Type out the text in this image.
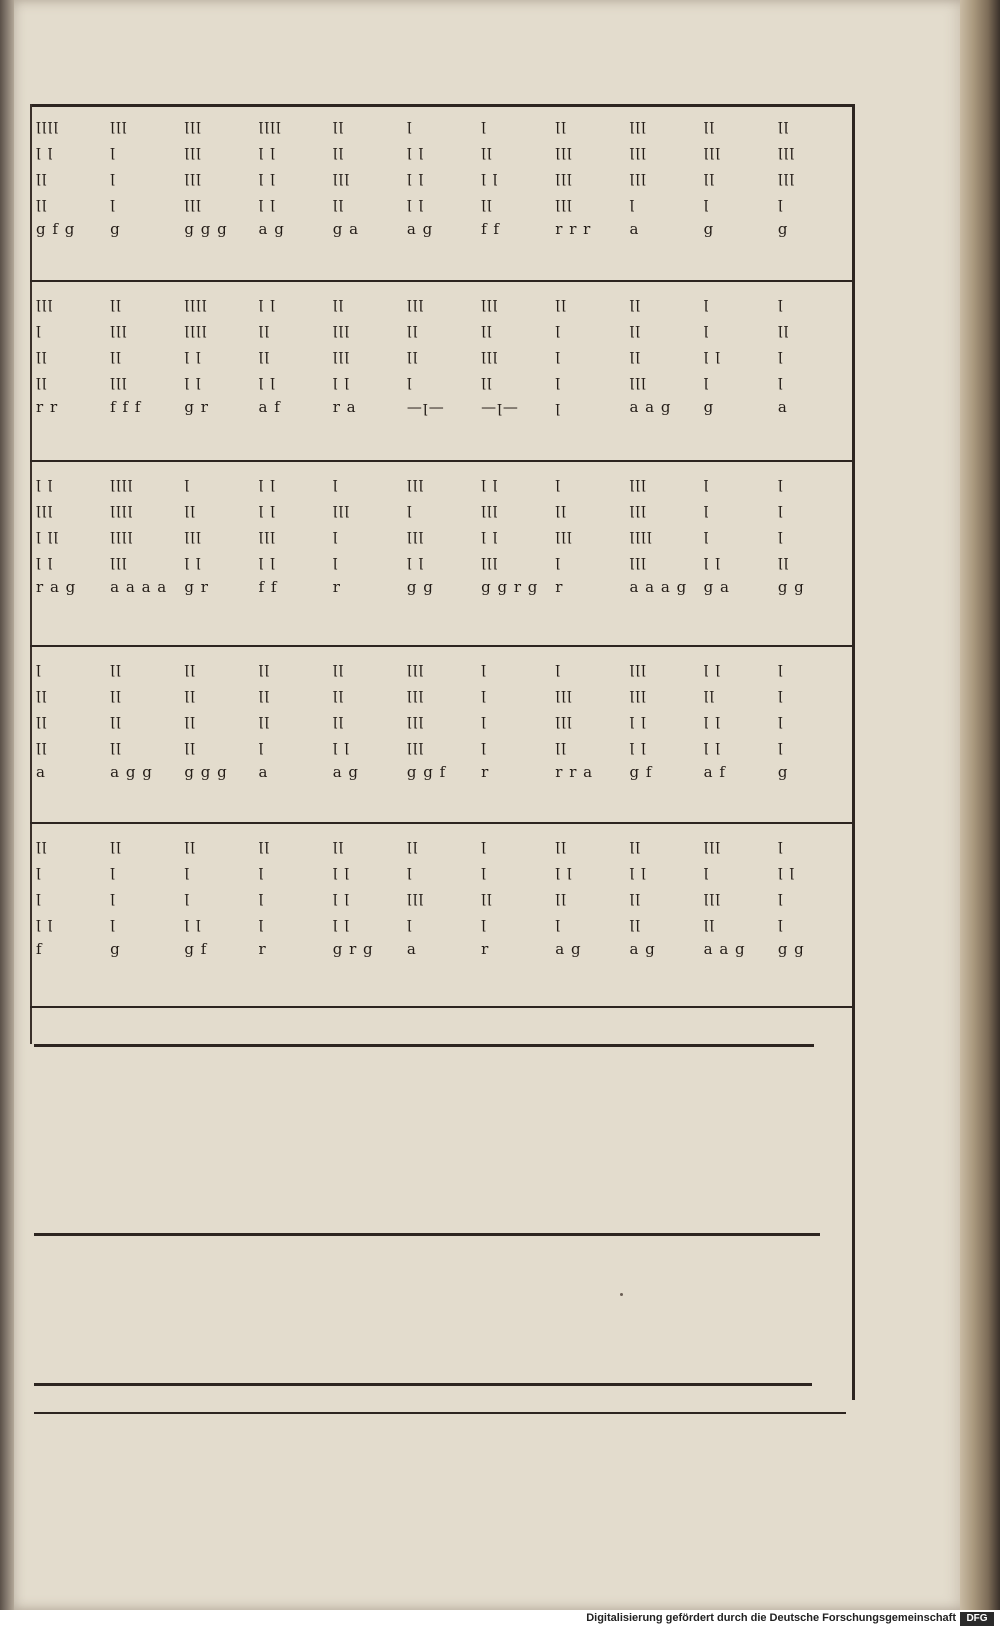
ꞁꞁꞁꞁ
ꞁ ꞁ
ꞁꞁ
ꞁꞁ
g f g
ꞁꞁꞁ
ꞁ
ꞁ
ꞁ
g
ꞁꞁꞁ
ꞁꞁꞁ
ꞁꞁꞁ
ꞁꞁꞁ
g g g
ꞁꞁꞁꞁ
ꞁ ꞁ
ꞁ ꞁ
ꞁ ꞁ
a g
ꞁꞁ
ꞁꞁ
ꞁꞁꞁ
ꞁꞁ
g a
ꞁ
ꞁ ꞁ
ꞁ ꞁ
ꞁ ꞁ
a g
ꞁ
ꞁꞁ
ꞁ ꞁ
ꞁꞁ
f f
ꞁꞁ
ꞁꞁꞁ
ꞁꞁꞁ
ꞁꞁꞁ
r r r
ꞁꞁꞁ
ꞁꞁꞁ
ꞁꞁꞁ
ꞁ
a
ꞁꞁ
ꞁꞁꞁ
ꞁꞁ
ꞁ
g
ꞁꞁ
ꞁꞁꞁ
ꞁꞁꞁ
ꞁ
g
ꞁꞁꞁ
ꞁ
ꞁꞁ
ꞁꞁ
r r
ꞁꞁ
ꞁꞁꞁ
ꞁꞁ
ꞁꞁꞁ
f f f
ꞁꞁꞁꞁ
ꞁꞁꞁꞁ
ꞁ ꞁ
ꞁ ꞁ
g r
ꞁ ꞁ
ꞁꞁ
ꞁꞁ
ꞁ ꞁ
a f
ꞁꞁ
ꞁꞁꞁ
ꞁꞁꞁ
ꞁ ꞁ
r a
ꞁꞁꞁ
ꞁꞁ
ꞁꞁ
ꞁ
—ꞁ—
ꞁꞁꞁ
ꞁꞁ
ꞁꞁꞁ
ꞁꞁ
—ꞁ—
ꞁꞁ
ꞁ
ꞁ
ꞁ
ꞁ
ꞁꞁ
ꞁꞁ
ꞁꞁ
ꞁꞁꞁ
a a g
ꞁ
ꞁ
ꞁ ꞁ
ꞁ
g
ꞁ
ꞁꞁ
ꞁ
ꞁ
a
ꞁ ꞁ
ꞁꞁꞁ
ꞁ ꞁꞁ
ꞁ ꞁ
r a g
ꞁꞁꞁꞁ
ꞁꞁꞁꞁ
ꞁꞁꞁꞁ
ꞁꞁꞁ
a a a a
ꞁ
ꞁꞁ
ꞁꞁꞁ
ꞁ ꞁ
g r
ꞁ ꞁ
ꞁ ꞁ
ꞁꞁꞁ
ꞁ ꞁ
f f
ꞁ
ꞁꞁꞁ
ꞁ
ꞁ
r
ꞁꞁꞁ
ꞁ
ꞁꞁꞁ
ꞁ ꞁ
g g
ꞁ ꞁ
ꞁꞁꞁ
ꞁ ꞁ
ꞁꞁꞁ
g g r g
ꞁ
ꞁꞁ
ꞁꞁꞁ
ꞁ
r
ꞁꞁꞁ
ꞁꞁꞁ
ꞁꞁꞁꞁ
ꞁꞁꞁ
a a a g
ꞁ
ꞁ
ꞁ
ꞁ ꞁ
g a
ꞁ
ꞁ
ꞁ
ꞁꞁ
g g
ꞁ
ꞁꞁ
ꞁꞁ
ꞁꞁ
a
ꞁꞁ
ꞁꞁ
ꞁꞁ
ꞁꞁ
a g g
ꞁꞁ
ꞁꞁ
ꞁꞁ
ꞁꞁ
g g g
ꞁꞁ
ꞁꞁ
ꞁꞁ
ꞁ
a
ꞁꞁ
ꞁꞁ
ꞁꞁ
ꞁ ꞁ
a g
ꞁꞁꞁ
ꞁꞁꞁ
ꞁꞁꞁ
ꞁꞁꞁ
g g f
ꞁ
ꞁ
ꞁ
ꞁ
r
ꞁ
ꞁꞁꞁ
ꞁꞁꞁ
ꞁꞁ
r r a
ꞁꞁꞁ
ꞁꞁꞁ
ꞁ ꞁ
ꞁ ꞁ
g f
ꞁ ꞁ
ꞁꞁ
ꞁ ꞁ
ꞁ ꞁ
a f
ꞁ
ꞁ
ꞁ
ꞁ
g
ꞁꞁ
ꞁ
ꞁ
ꞁ ꞁ
f
ꞁꞁ
ꞁ
ꞁ
ꞁ
g
ꞁꞁ
ꞁ
ꞁ
ꞁ ꞁ
g f
ꞁꞁ
ꞁ
ꞁ
ꞁ
r
ꞁꞁ
ꞁ ꞁ
ꞁ ꞁ
ꞁ ꞁ
g r g
ꞁꞁ
ꞁ
ꞁꞁꞁ
ꞁ
a
ꞁ
ꞁ
ꞁꞁ
ꞁ
r
ꞁꞁ
ꞁ ꞁ
ꞁꞁ
ꞁ
a g
ꞁꞁ
ꞁ ꞁ
ꞁꞁ
ꞁꞁ
a g
ꞁꞁꞁ
ꞁ
ꞁꞁꞁ
ꞁꞁ
a a g
ꞁ
ꞁ ꞁ
ꞁ
ꞁ
g g
Digitalisierung gefördert durch die Deutsche Forschungsgemeinschaft	DFG
